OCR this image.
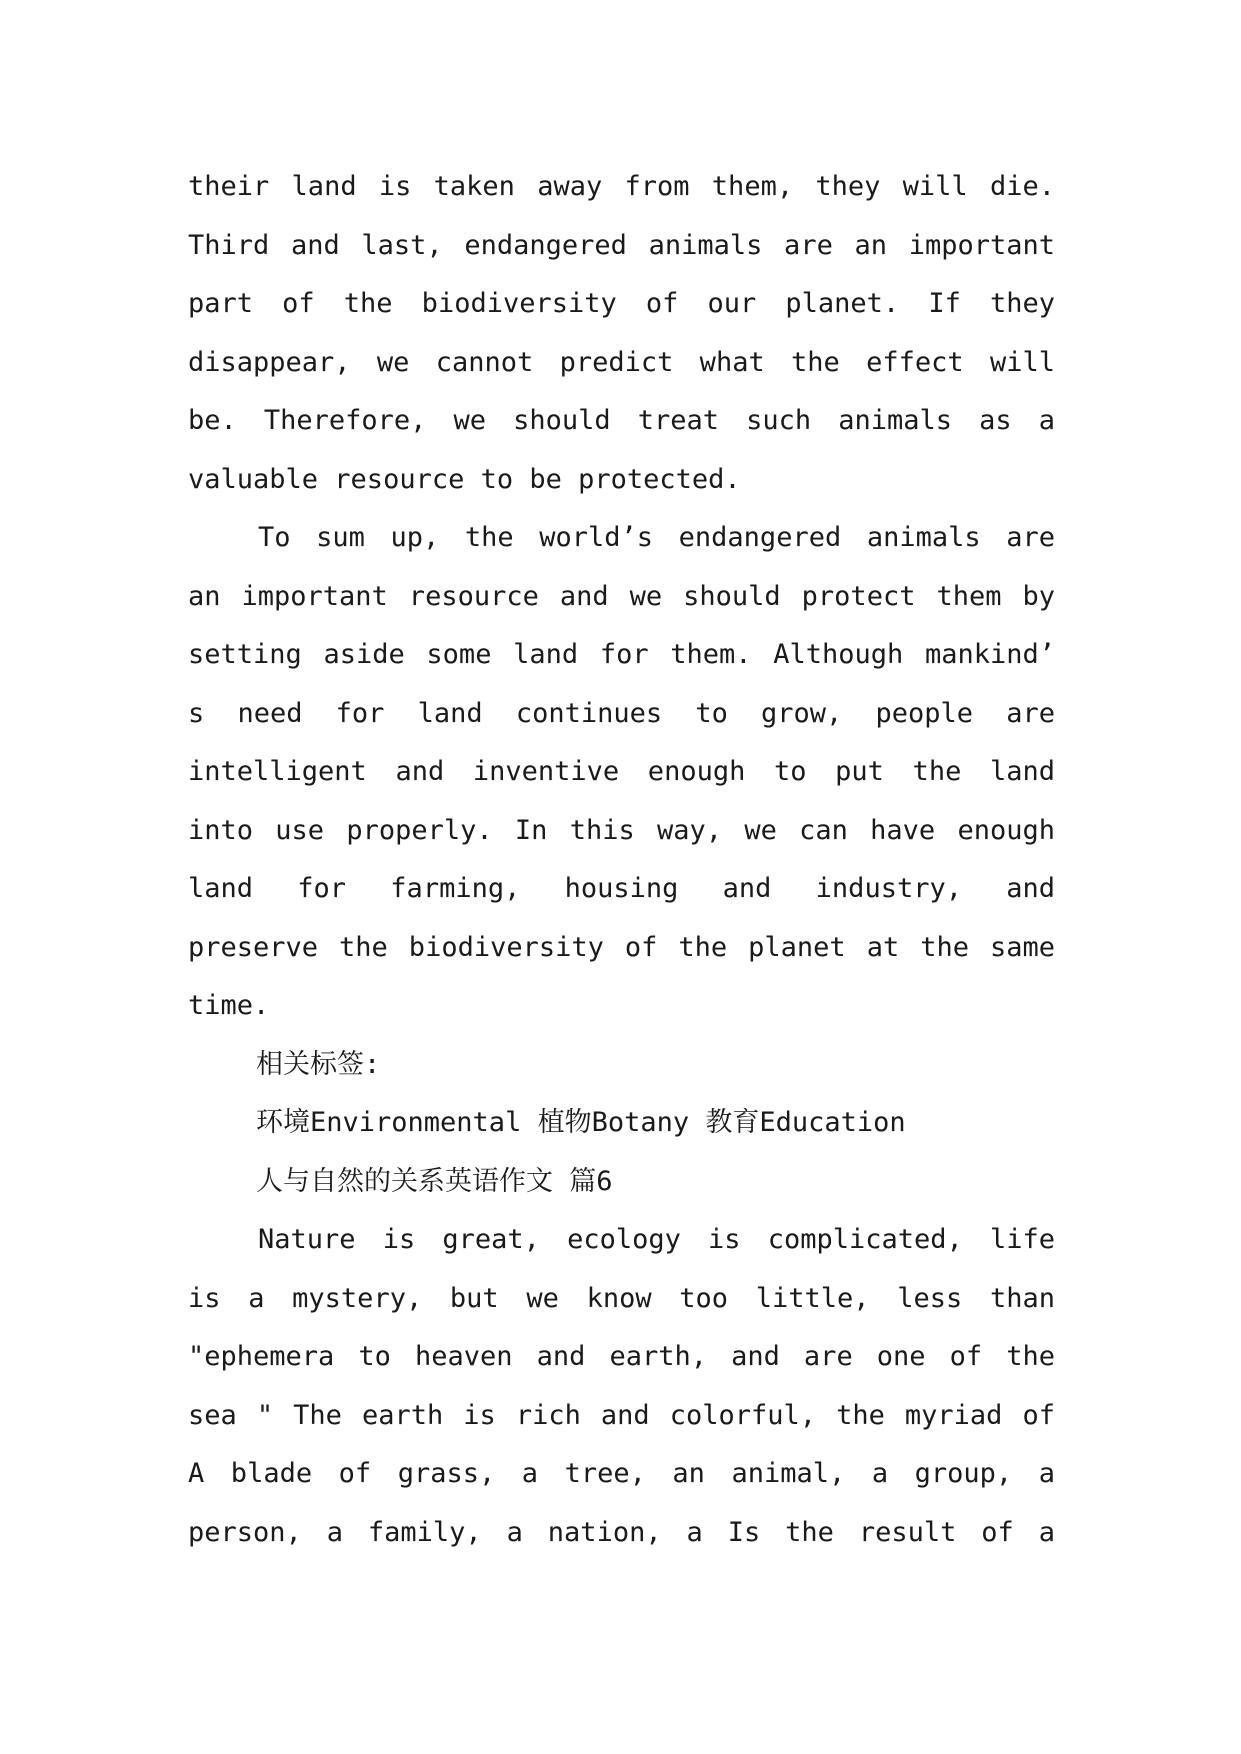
their land is taken away from them, they will die.
Third and last, endangered animals are an important
part of the biodiversity of our planet. If they
disappear, we cannot predict what the effect will
be. Therefore, we should treat such animals as a
valuable resource to be protected.
To sum up, the world’s endangered animals are
an important resource and we should protect them by
setting aside some land for them. Although mankind’
s need for land continues to grow, people are
intelligent and inventive enough to put the land
into use properly. In this way, we can have enough
land for farming, housing and industry, and
preserve the biodiversity of the planet at the same
time.
相关标签:
环境Environmental 植物Botany 教育Education
人与自然的关系英语作文 篇6
Nature is great, ecology is complicated, life
is a mystery, but we know too little, less than
"ephemera to heaven and earth, and are one of the
sea " The earth is rich and colorful, the myriad of
A blade of grass, a tree, an animal, a group, a
person, a family, a nation, a Is the result of a
